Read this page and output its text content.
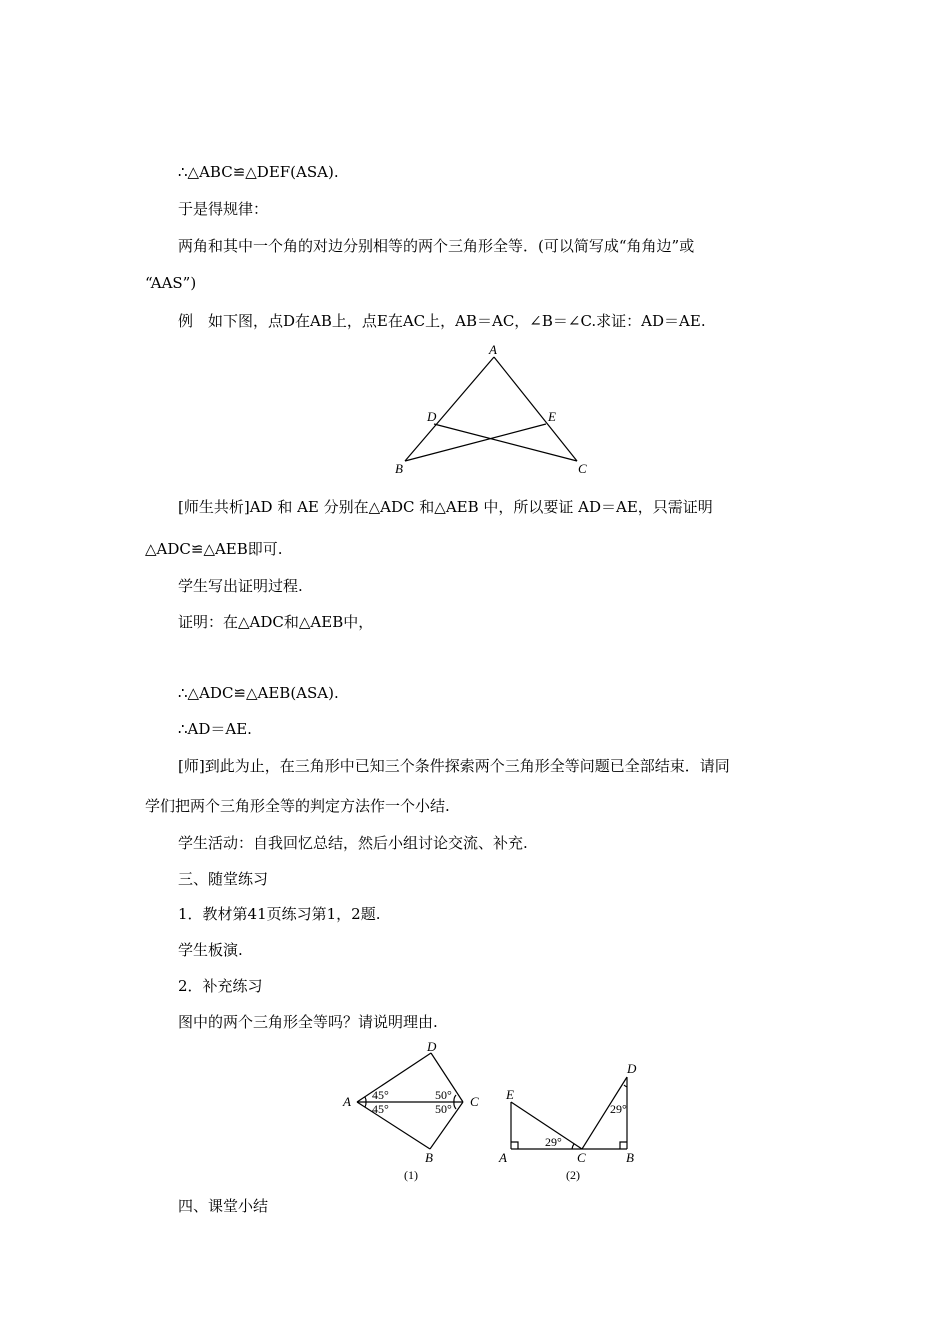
∴△ABC≌△DEF(ASA).
于是得规律：
两角和其中一个角的对边分别相等的两个三角形全等．(可以简写成“角角边”或
“AAS”)
例　如下图，点D在AB上，点E在AC上，AB＝AC，∠B＝∠C.求证：AD＝AE.
A
D	E
B	C
[师生共析]AD 和 AE 分别在△ADC 和△AEB 中，所以要证 AD＝AE，只需证明
△ADC≌△AEB即可.
学生写出证明过程.
证明：在△ADC和△AEB中，
∴△ADC≌△AEB(ASA).
∴AD＝AE.
[师]到此为止，在三角形中已知三个条件探索两个三角形全等问题已全部结束．请同
学们把两个三角形全等的判定方法作一个小结.
学生活动：自我回忆总结，然后小组讨论交流、补充.
三、随堂练习
1．教材第41页练习第1，2题.
学生板演.
2．补充练习
图中的两个三角形全等吗？请说明理由.
A
D
C
B
45°
45°
50°
50°
(1)
E
A	C	B
D
29°
29°
(2)
四、课堂小结
